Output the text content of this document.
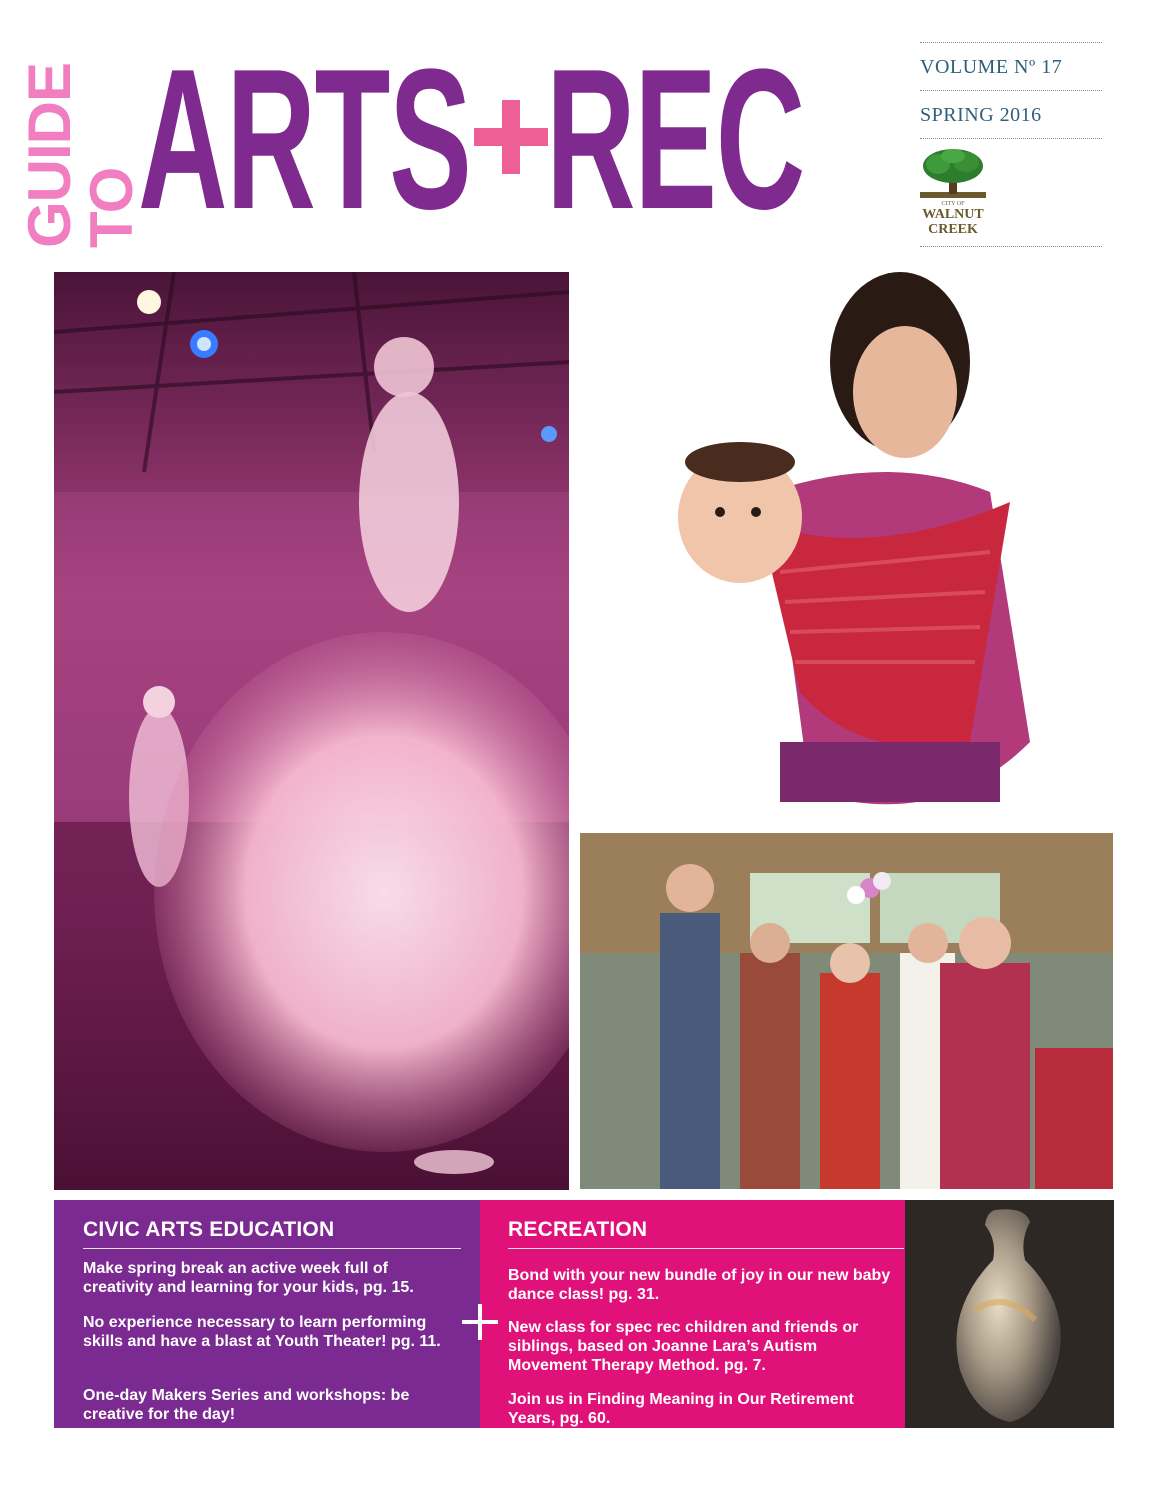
GUIDE TO
ARTS REC	VOLUME Nº 17
SPRING 2016
CITY OF
WALNUT
CREEK
CIVIC ARTS EDUCATION
Make spring break an active week full of creativity and learning for your kids, pg. 15.
No experience necessary to learn performing skills and have a blast at Youth Theater! pg. 11.
One-day Makers Series and workshops: be creative for the day!
RECREATION
Bond with your new bundle of joy in our new baby dance class! pg. 31.
New class for spec rec children and friends or siblings, based on Joanne Lara’s Autism Movement Therapy Method. pg. 7.
Join us in Finding Meaning in Our Retirement Years, pg. 60.
